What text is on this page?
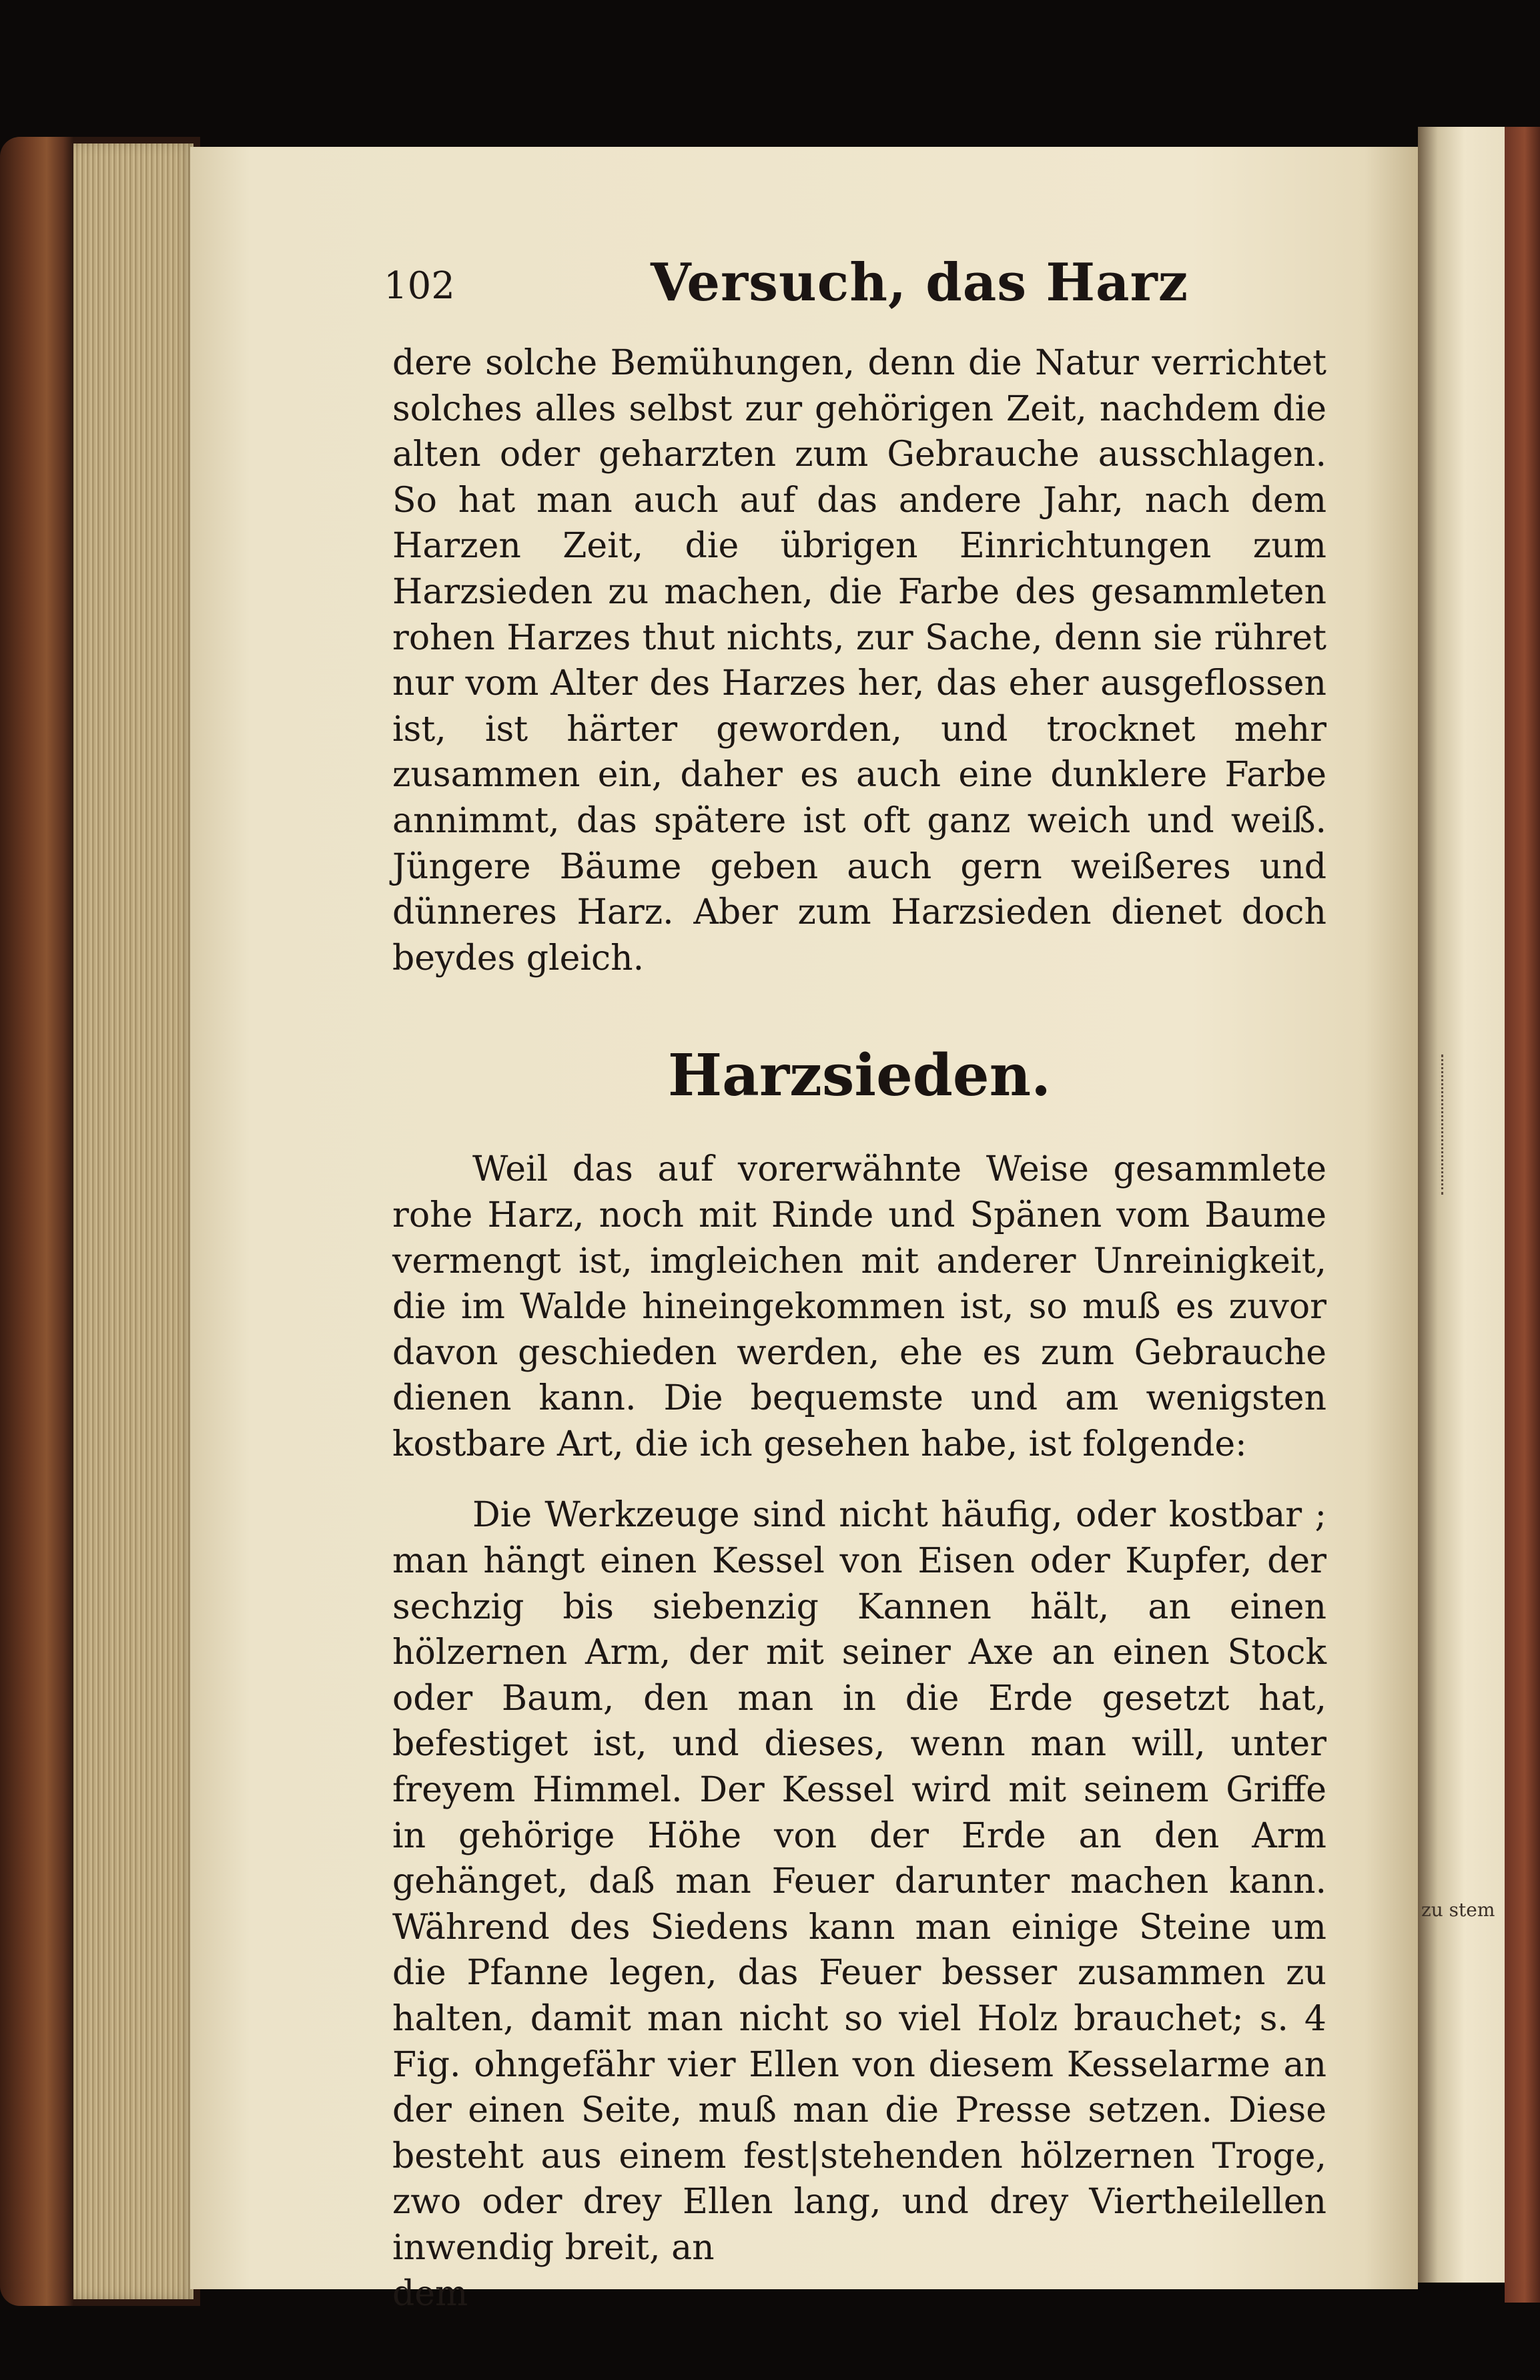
zu stem
102	Versuch, das Harz

dere solche Bemühungen, denn die Natur verrichtet solches alles selbst zur gehörigen Zeit, nachdem die alten oder geharzten zum Gebrauche ausschlagen. So hat man auch auf das andere Jahr, nach dem Harzen Zeit, die übrigen Einrichtungen zum Harzsieden zu machen, die Farbe des gesammleten rohen Harzes thut nichts, zur Sache, denn sie rühret nur vom Alter des Harzes her, das eher ausgeflossen ist, ist härter geworden, und trocknet mehr zusammen ein, daher es auch eine dunklere Farbe annimmt, das spätere ist oft ganz weich und weiß. Jüngere Bäume geben auch gern weißeres und dünneres Harz. Aber zum Harzsieden dienet doch beydes gleich.

Harzsieden.

Weil das auf vorerwähnte Weise gesammlete rohe Harz, noch mit Rinde und Spänen vom Baume vermengt ist, imgleichen mit anderer Unreinigkeit, die im Walde hineingekommen ist, so muß es zuvor davon geschieden werden, ehe es zum Gebrauche dienen kann. Die bequemste und am wenigsten kostbare Art, die ich gesehen habe, ist folgende:

Die Werkzeuge sind nicht häufig, oder kostbar ; man hängt einen Kessel von Eisen oder Kupfer, der sechzig bis siebenzig Kannen hält, an einen hölzernen Arm, der mit seiner Axe an einen Stock oder Baum, den man in die Erde gesetzt hat, befestiget ist, und dieses, wenn man will, unter freyem Himmel. Der Kessel wird mit seinem Griffe in gehörige Höhe von der Erde an den Arm gehänget, daß man Feuer darunter machen kann. Während des Siedens kann man einige Steine um die Pfanne legen, das Feuer besser zusammen zu halten, damit man nicht so viel Holz brauchet; s. 4 Fig. ohngefähr vier Ellen von diesem Kesselarme an der einen Seite, muß man die Presse setzen. Diese besteht aus einem fest|stehenden hölzernen Troge, zwo oder drey Ellen lang, und drey Viertheilellen inwendig breit, an

dem
